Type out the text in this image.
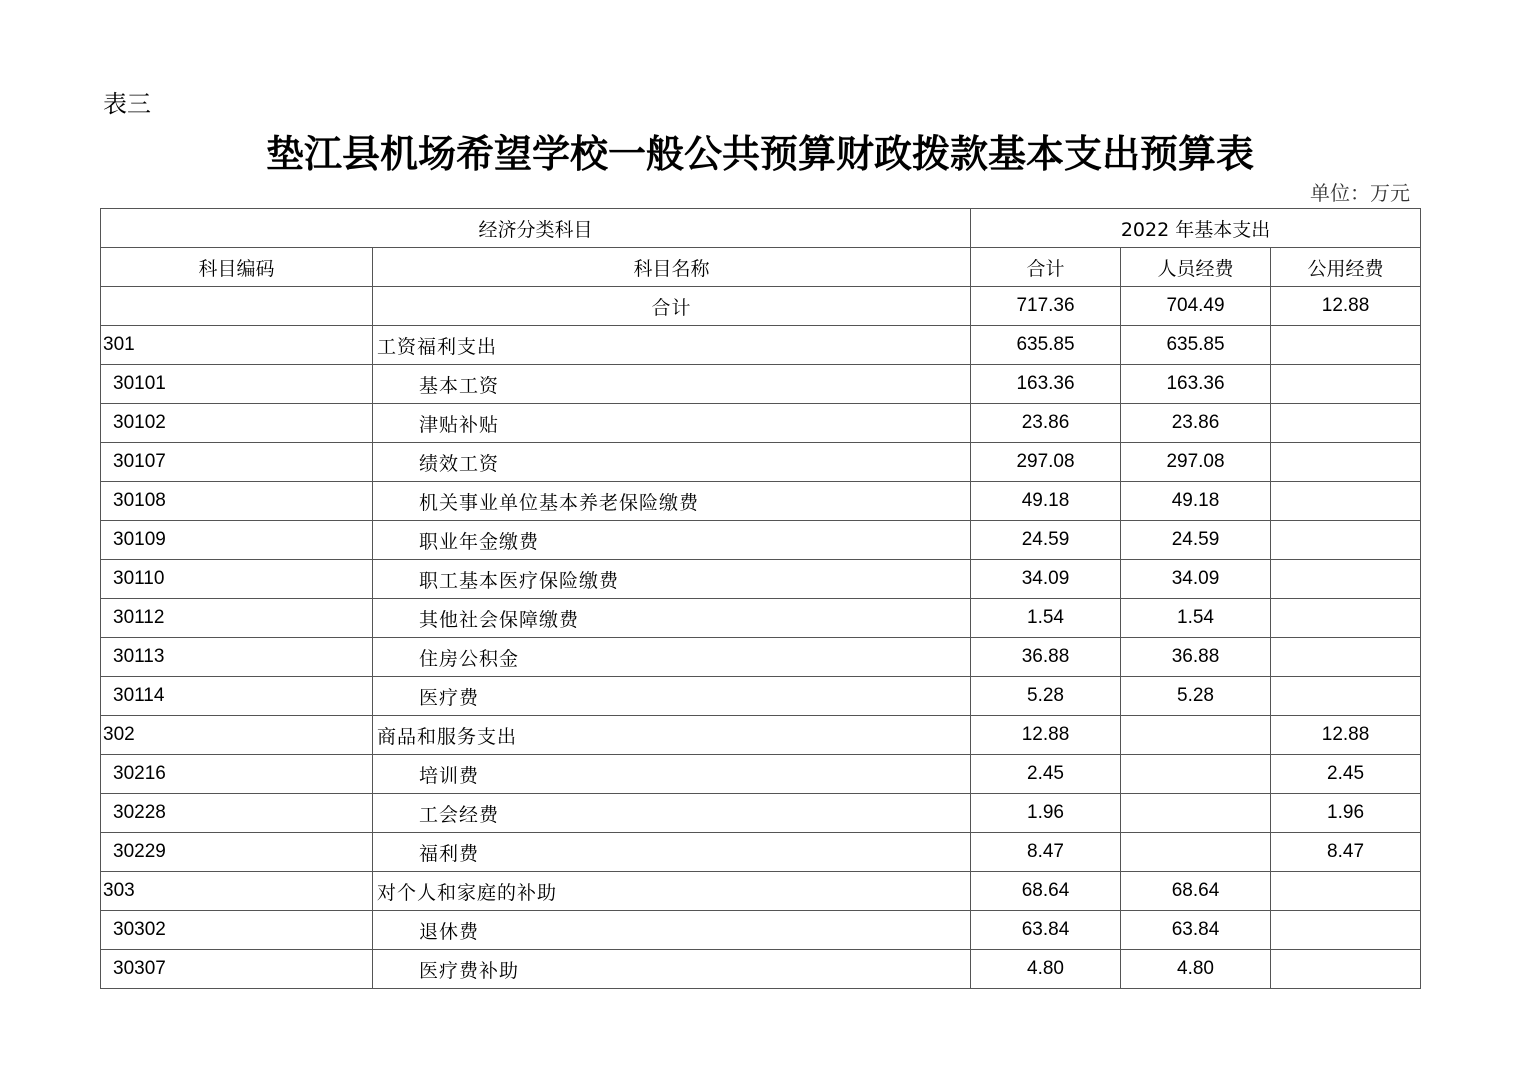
表三
垫江县机场希望学校一般公共预算财政拨款基本支出预算表
单位：万元
经济分类科目		2022 年基本支出		
科目编码	科目名称	合计	人员经费	公用经费
	合计	717.36	704.49	12.88
301	工资福利支出	635.85	635.85	
30101	基本工资	163.36	163.36	
30102	津贴补贴	23.86	23.86	
30107	绩效工资	297.08	297.08	
30108	机关事业单位基本养老保险缴费	49.18	49.18	
30109	职业年金缴费	24.59	24.59	
30110	职工基本医疗保险缴费	34.09	34.09	
30112	其他社会保障缴费	1.54	1.54	
30113	住房公积金	36.88	36.88	
30114	医疗费	5.28	5.28	
302	商品和服务支出	12.88		12.88
30216	培训费	2.45		2.45
30228	工会经费	1.96		1.96
30229	福利费	8.47		8.47
303	对个人和家庭的补助	68.64	68.64	
30302	退休费	63.84	63.84	
30307	医疗费补助	4.80	4.80	
